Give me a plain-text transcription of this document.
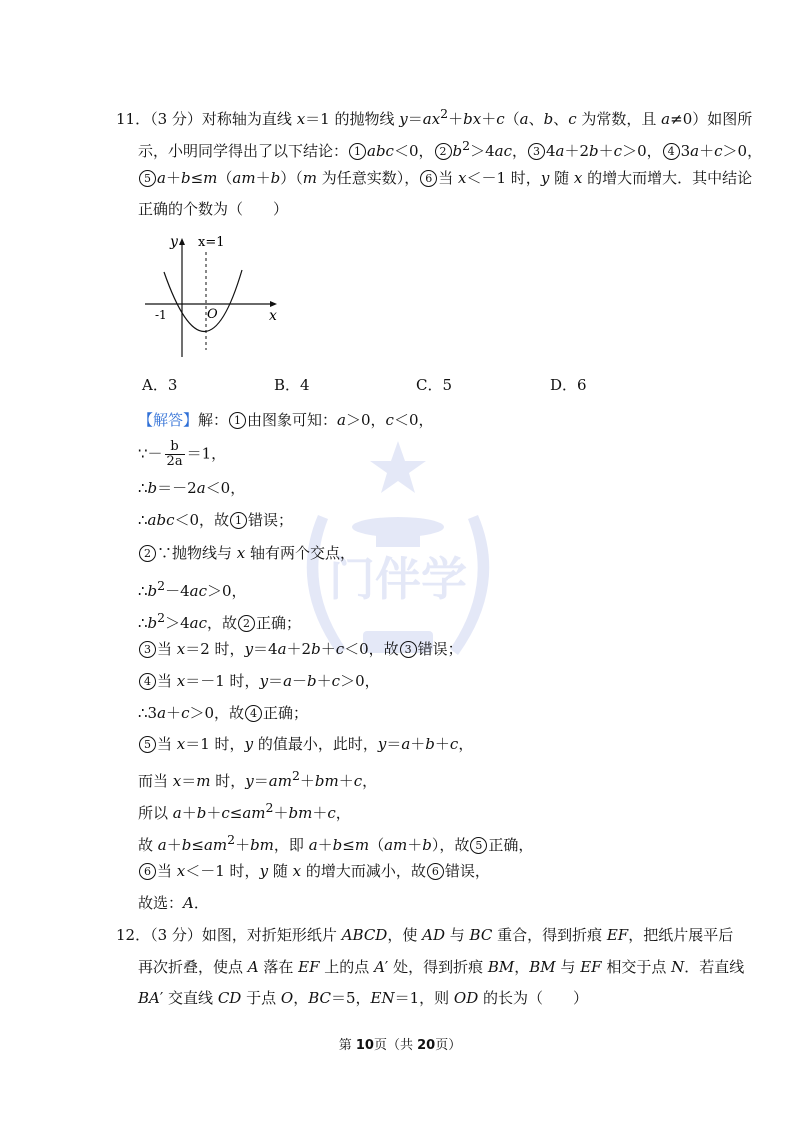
门伴学
11．（3 分）对称轴为直线 x＝1 的抛物线 $y=ax^2+bx+c(a$、b、c 为常数，且 a≠0）如图所
示，小明同学得出了以下结论： 1 abc＜0， 2 $b^2>4ac$， 3 4a＋2b＋c＞0， 4 3a＋c＞0，
5 a＋b≤m（am＋b）（m 为任意实数）， 6 当 x＜－1 时，y 随 x 的增大而增大．其中结论
正确的个数为（　　）
y x=1
x
-1	O
A．3	B．4	C．5	D．6
【解答】解： 1 由图象可知：a＞0，c＜0，
∵－ $\frac{b}{2a} =1$，
∴b＝－2a＜0，
∴abc＜0，故 1 错误；
2 ∵抛物线与 x 轴有两个交点，
$\therefore b^2-4ac>0$，
$\therefore b^2>4ac$，故 2 正确；
3 当 x＝2 时，y＝4a＋2b＋c＜0，故 3 错误；
4 当 x＝－1 时，y＝a－b＋c＞0，
∴3a＋c＞0，故 4 正确；
5 当 x＝1 时，y 的值最小，此时，y＝a＋b＋c，
而当 x＝m 时，$y=am^2+bm+c$，
所以 $a+b+c\le am^2+bm+c$，
故 $a+b\le am^2+bm$，即 a＋b≤m（am＋b），故 5 正确，
6 当 x＜－1 时，y 随 x 的增大而减小，故 6 错误，
故选：A．
12．（3 分）如图，对折矩形纸片 ABCD，使 AD 与 BC 重合，得到折痕 EF，把纸片展平后
再次折叠，使点 A 落在 EF 上的点 A′ 处，得到折痕 BM，BM 与 EF 相交于点 N．若直线
BA′ 交直线 CD 于点 O，BC＝5，EN＝1，则 OD 的长为（　　）
第 10页（共 20页）
